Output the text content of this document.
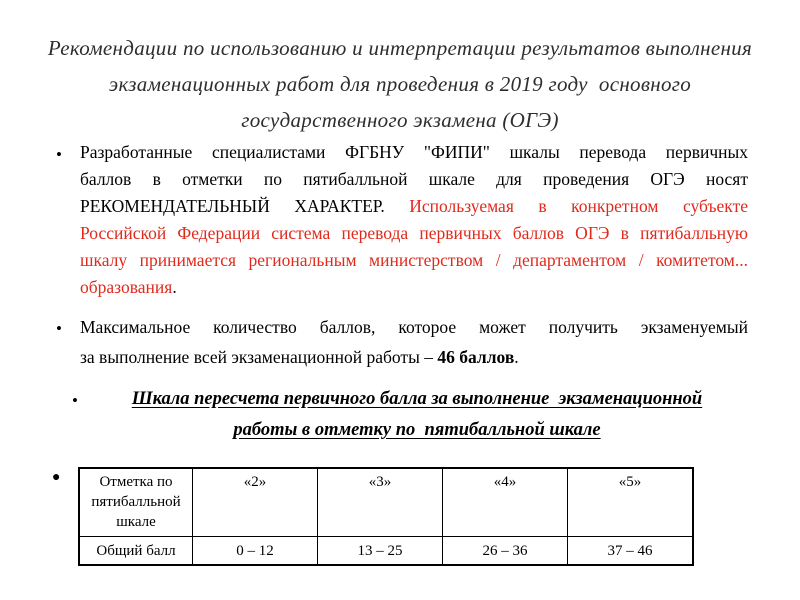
Рекомендации по использованию и интерпретации результатов выполнения
экзаменационных работ для проведения в 2019 году  основного
государственного экзамена (ОГЭ)
• Разработанные специалистами ФГБНУ "ФИПИ" шкалы перевода первичных
баллов в отметки по пятибалльной шкале для проведения ОГЭ носят
РЕКОМЕНДАТЕЛЬНЫЙ ХАРАКТЕР. Используемая в конкретном субъекте
Российской Федерации система перевода первичных баллов ОГЭ в пятибалльную
шкалу принимается региональным министерством / департаментом / комитетом...
образования.
• Максимальное количество баллов, которое может получить экзаменуемый
за выполнение всей экзаменационной работы – 46 баллов.
•	Шкала пересчета первичного балла за выполнение  экзаменационной
работы в отметку по  пятибалльной шкале
●	Отметка по пятибалльной шкале	«2»	«3»	«4»	«5»
Общий балл	0 – 12	13 – 25	26 – 36	37 – 46
